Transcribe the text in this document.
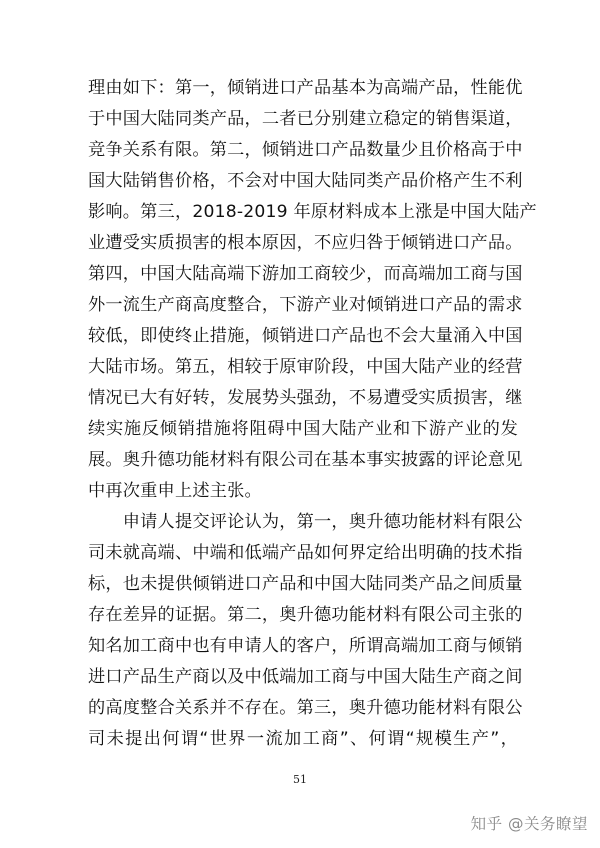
理由如下：第一，倾销进口产品基本为高端产品，性能优
于中国大陆同类产品，二者已分别建立稳定的销售渠道，
竞争关系有限。第二，倾销进口产品数量少且价格高于中
国大陆销售价格，不会对中国大陆同类产品价格产生不利
影响。第三，2018-2019 年原材料成本上涨是中国大陆产
业遭受实质损害的根本原因，不应归咎于倾销进口产品。
第四，中国大陆高端下游加工商较少，而高端加工商与国
外一流生产商高度整合，下游产业对倾销进口产品的需求
较低，即使终止措施，倾销进口产品也不会大量涌入中国
大陆市场。第五，相较于原审阶段，中国大陆产业的经营
情况已大有好转，发展势头强劲，不易遭受实质损害，继
续实施反倾销措施将阻碍中国大陆产业和下游产业的发
展。奥升德功能材料有限公司在基本事实披露的评论意见
中再次重申上述主张。
　　申请人提交评论认为，第一，奥升德功能材料有限公
司未就高端、中端和低端产品如何界定给出明确的技术指
标，也未提供倾销进口产品和中国大陆同类产品之间质量
存在差异的证据。第二，奥升德功能材料有限公司主张的
知名加工商中也有申请人的客户，所谓高端加工商与倾销
进口产品生产商以及中低端加工商与中国大陆生产商之间
的高度整合关系并不存在。第三，奥升德功能材料有限公
司未提出何谓“世界一流加工商”、何谓“规模生产”，
51
知乎 @关务瞭望
